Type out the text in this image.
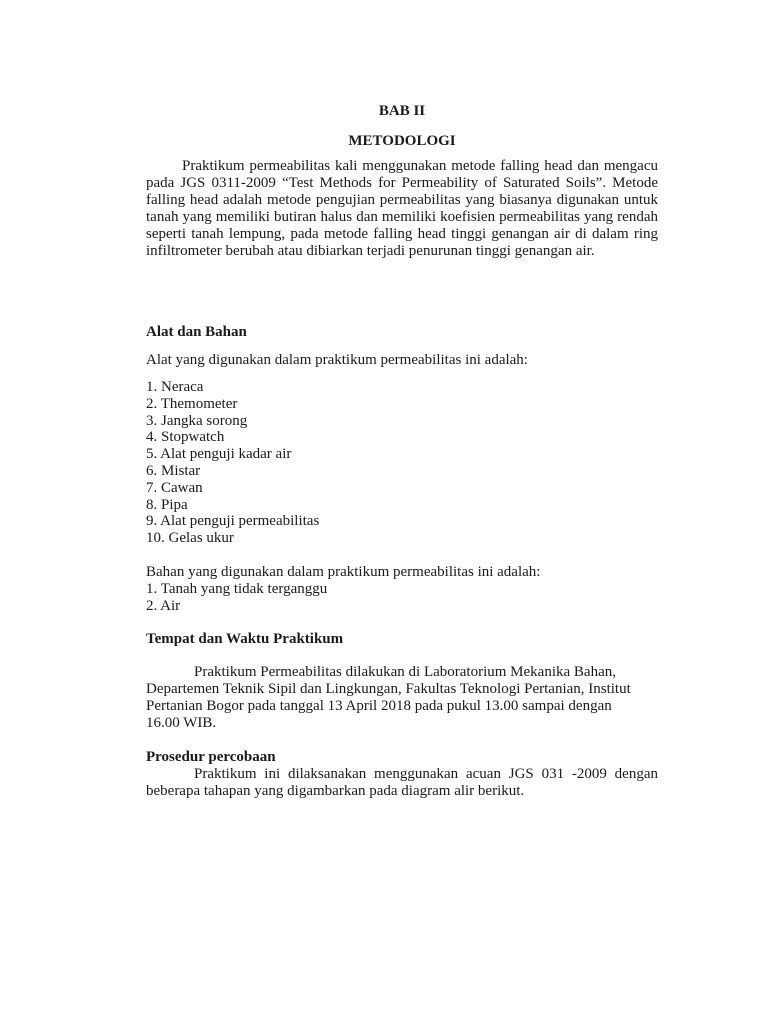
BAB II
METODOLOGI
Praktikum permeabilitas kali menggunakan metode falling head dan mengacu pada JGS 0311-2009 “Test Methods for Permeability of Saturated Soils”. Metode falling head adalah metode pengujian permeabilitas yang biasanya digunakan untuk tanah yang memiliki butiran halus dan memiliki koefisien permeabilitas yang rendah seperti tanah lempung, pada metode falling head tinggi genangan air di dalam ring infiltrometer berubah atau dibiarkan terjadi penurunan tinggi genangan air.
Alat dan Bahan
Alat yang digunakan dalam praktikum permeabilitas ini adalah:
1. Neraca
2. Themometer
3. Jangka sorong
4. Stopwatch
5. Alat penguji kadar air
6. Mistar
7. Cawan
8. Pipa
9. Alat penguji permeabilitas
10. Gelas ukur
Bahan yang digunakan dalam praktikum permeabilitas ini adalah:
1. Tanah yang tidak terganggu
2. Air
Tempat dan Waktu Praktikum
Praktikum Permeabilitas dilakukan di Laboratorium Mekanika Bahan, Departemen Teknik Sipil dan Lingkungan, Fakultas Teknologi Pertanian, Institut Pertanian Bogor pada tanggal 13 April 2018 pada pukul 13.00 sampai dengan 16.00 WIB.
Prosedur percobaan
Praktikum ini dilaksanakan menggunakan acuan JGS 031 -2009 dengan beberapa tahapan yang digambarkan pada diagram alir berikut.
